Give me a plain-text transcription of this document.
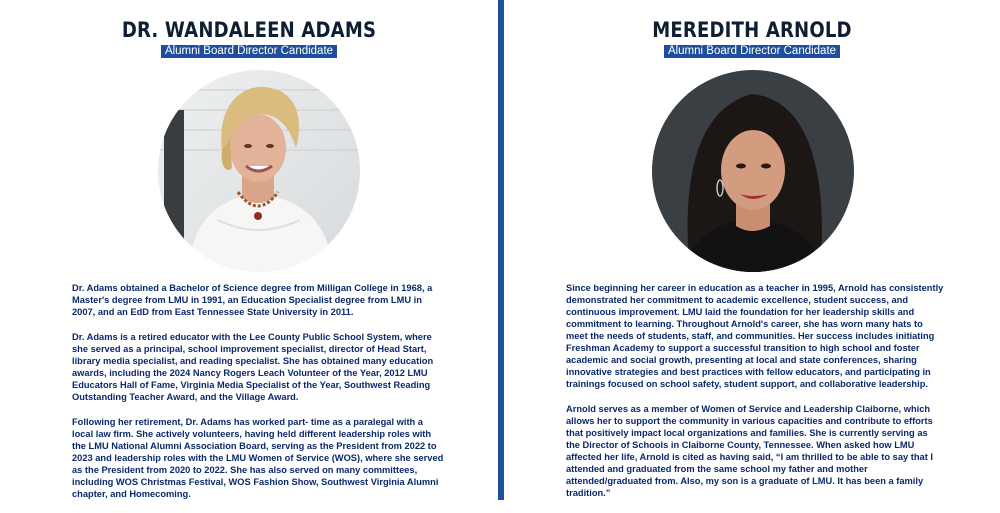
DR. WANDALEEN ADAMS
Alumni Board Director Candidate

Dr. Adams obtained a Bachelor of Science degree from Milligan College in 1968, a Master's degree from LMU in 1991, an Education Specialist degree from LMU in 2007, and an EdD from East Tennessee State University in 2011.

Dr. Adams is a retired educator with the Lee County Public School System, where she served as a principal, school improvement specialist, director of Head Start, library media specialist, and reading specialist. She has obtained many education awards, including the 2024 Nancy Rogers Leach Volunteer of the Year, 2012 LMU Educators Hall of Fame, Virginia Media Specialist of the Year, Southwest Reading Outstanding Teacher Award, and the Village Award.

Following her retirement, Dr. Adams has worked part- time as a paralegal with a local law firm. She actively volunteers, having held different leadership roles with the LMU National Alumni Association Board, serving as the President from 2022 to 2023 and leadership roles with the LMU Women of Service (WOS), where she served as the President from 2020 to 2022. She has also served on many committees, including WOS Christmas Festival, WOS Fashion Show, Southwest Virginia Alumni chapter, and Homecoming.

MEREDITH ARNOLD
Alumni Board Director Candidate

Since beginning her career in education as a teacher in 1995, Arnold has consistently demonstrated her commitment to academic excellence, student success, and continuous improvement. LMU laid the foundation for her leadership skills and commitment to learning. Throughout Arnold's career, she has worn many hats to meet the needs of students, staff, and communities. Her success includes initiating Freshman Academy to support a successful transition to high school and foster academic and social growth, presenting at local and state conferences, sharing innovative strategies and best practices with fellow educators, and participating in trainings focused on school safety, student support, and collaborative leadership.

Arnold serves as a member of Women of Service and Leadership Claiborne, which allows her to support the community in various capacities and contribute to efforts that positively impact local organizations and families. She is currently serving as the Director of Schools in Claiborne County, Tennessee. When asked how LMU affected her life, Arnold is cited as having said, “I am thrilled to be able to say that I attended and graduated from the same school my father and mother attended/graduated from. Also, my son is a graduate of LMU. It has been a family tradition.”
